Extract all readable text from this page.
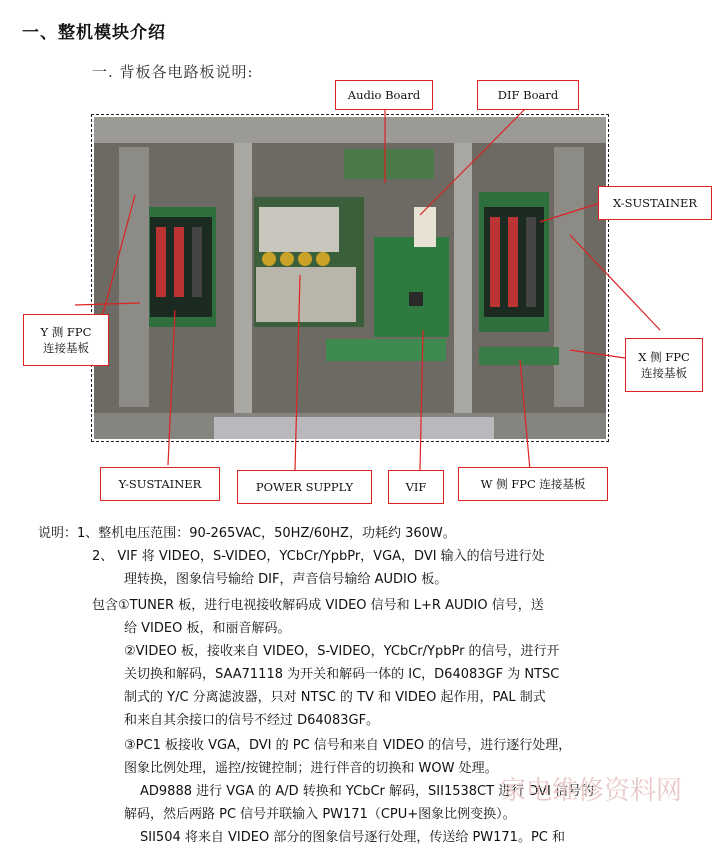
一、整机模块介绍
一. 背板各电路板说明:
Audio Board	DIF Board
X-SUSTAINER
Y 测 FPC
连接基板
X 侧 FPC
连接基板
Y-SUSTAINER	POWER SUPPLY	VIF	W 侧 FPC 连接基板
说明：1、整机电压范围：90-265VAC，50HZ/60HZ，功耗约 360W。
2、 VIF 将 VIDEO，S-VIDEO，YCbCr/YpbPr，VGA，DVI 输入的信号进行处
理转换，图象信号输给 DIF，声音信号输给 AUDIO 板。
包含①TUNER 板，进行电视接收解码成 VIDEO 信号和 L+R AUDIO 信号，送
给 VIDEO 板，和丽音解码。
②VIDEO 板，接收来自 VIDEO，S-VIDEO，YCbCr/YpbPr 的信号，进行开
关切换和解码，SAA71118 为开关和解码一体的 IC，D64083GF 为 NTSC
制式的 Y/C 分离滤波器，只对 NTSC 的 TV 和 VIDEO 起作用，PAL 制式
和来自其余接口的信号不经过 D64083GF。
③PC1 板接收 VGA，DVI 的 PC 信号和来自 VIDEO 的信号，进行逐行处理，
图象比例处理，遥控/按键控制；进行伴音的切换和 WOW 处理。
AD9888 进行 VGA 的 A/D 转换和 YCbCr 解码，SII1538CT 进行 DVI 信号的
解码，然后两路 PC 信号并联输入 PW171（CPU+图象比例变换）。
SII504 将来自 VIDEO 部分的图象信号逐行处理，传送给 PW171。PC 和
家电维修资料网
